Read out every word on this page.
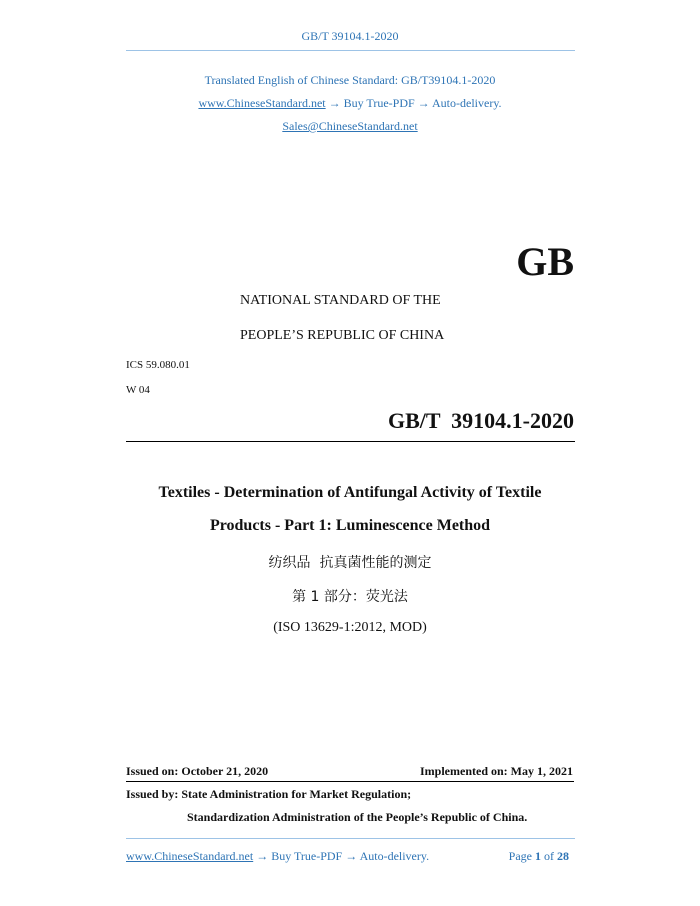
GB/T 39104.1-2020
Translated English of Chinese Standard: GB/T39104.1-2020
www.ChineseStandard.net → Buy True-PDF → Auto-delivery.
Sales@ChineseStandard.net
GB
NATIONAL STANDARD OF THE
PEOPLE’S REPUBLIC OF CHINA
ICS 59.080.01
W 04
GB/T  39104.1-2020
Textiles - Determination of Antifungal Activity of Textile
Products - Part 1: Luminescence Method
纺织品  抗真菌性能的测定
第 1 部分：荧光法
(ISO 13629-1:2012, MOD)
Issued on: October 21, 2020	Implemented on: May 1, 2021
Issued by: State Administration for Market Regulation;
Standardization Administration of the People’s Republic of China.
www.ChineseStandard.net → Buy True-PDF → Auto-delivery.	Page 1 of 28
